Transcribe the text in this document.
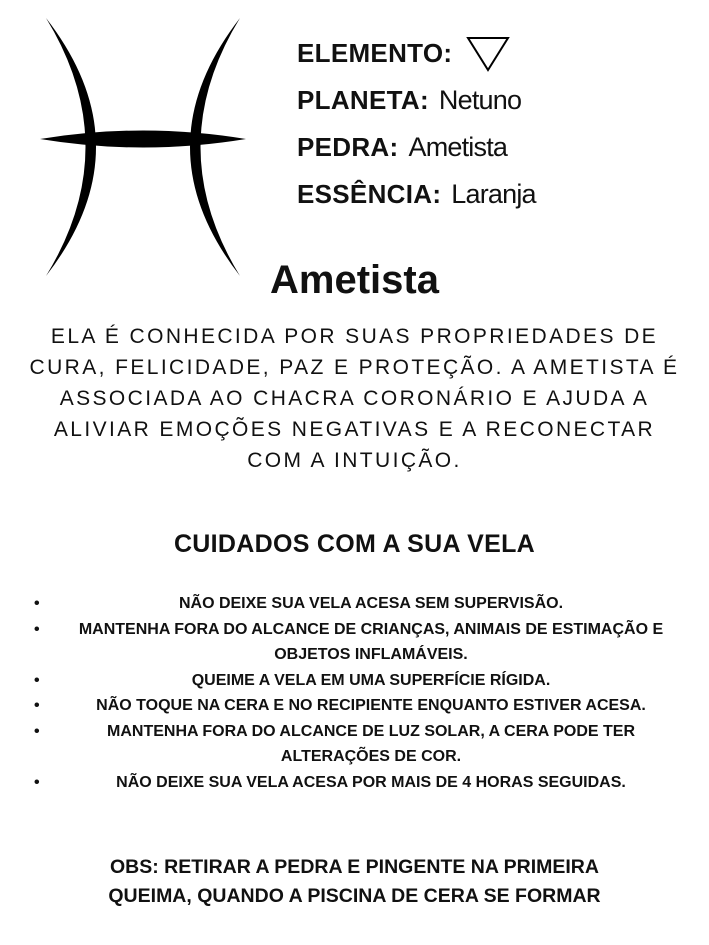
ELEMENTO:
PLANETA: Netuno
PEDRA: Ametista
ESSÊNCIA: Laranja
Ametista

ELA É CONHECIDA POR SUAS PROPRIEDADES DE CURA, FELICIDADE, PAZ E PROTEÇÃO. A AMETISTA É ASSOCIADA AO CHACRA CORONÁRIO E AJUDA A ALIVIAR EMOÇÕES NEGATIVAS E A RECONECTAR COM A INTUIÇÃO.

CUIDADOS COM A SUA VELA
•	NÃO DEIXE SUA VELA ACESA SEM SUPERVISÃO.
• MANTENHA FORA DO ALCANCE DE CRIANÇAS, ANIMAIS DE ESTIMAÇÃO E OBJETOS INFLAMÁVEIS.
•	QUEIME A VELA EM UMA SUPERFÍCIE RÍGIDA.
•	NÃO TOQUE NA CERA E NO RECIPIENTE ENQUANTO ESTIVER ACESA.
•	MANTENHA FORA DO ALCANCE DE LUZ SOLAR, A CERA PODE TER ALTERAÇÕES DE COR.
•	NÃO DEIXE SUA VELA ACESA POR MAIS DE 4 HORAS SEGUIDAS.

OBS: RETIRAR A PEDRA E PINGENTE NA PRIMEIRA
QUEIMA, QUANDO A PISCINA DE CERA SE FORMAR
